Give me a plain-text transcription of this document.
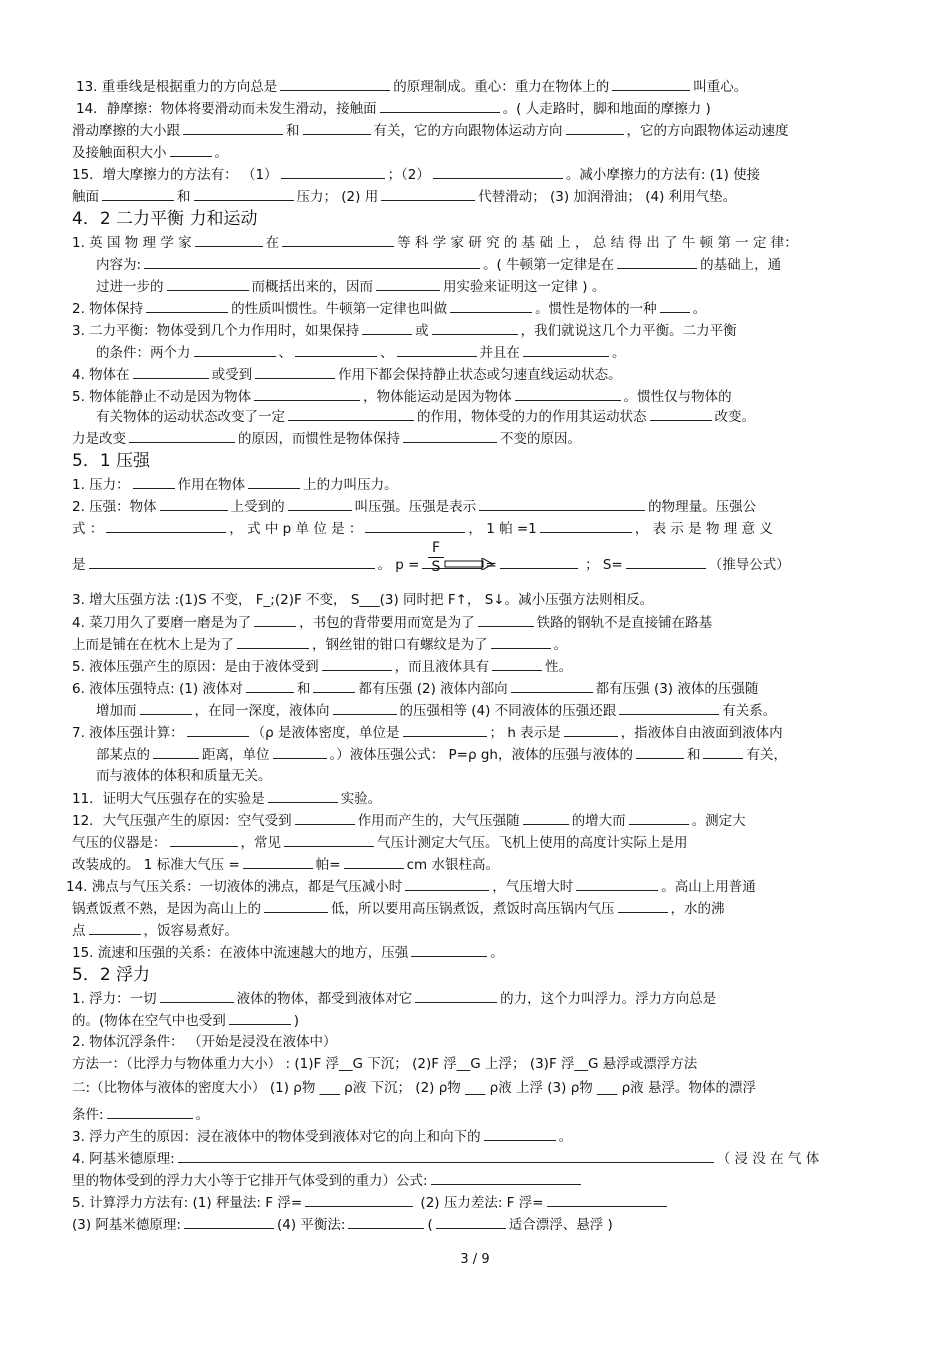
13. 重垂线是根据重力的方向总是	的原理制成。重心：重力在物体上的	叫重心。
14．静摩擦：物体将要滑动而未发生滑动，接触面	。( 人走路时，脚和地面的摩擦力 )
滑动摩擦的大小跟	和	有关，它的方向跟物体运动方向	，它的方向跟物体运动速度
及接触面积大小	。
15．增大摩擦力的方法有： （1）	；（2）	。减小摩擦力的方法有: (1) 使接
触面	和	压力； (2) 用	代替滑动； (3) 加润滑油； (4) 利用气垫。
1. 英 国 物 理 学 家	在	等 科 学 家 研 究 的 基 础 上 ， 总 结 得 出 了 牛 顿 第 一 定 律：
内容为:	。( 牛顿第一定律是在	的基础上，通
过进一步的	而概括出来的，因而	用实验来证明这一定律 ) 。
2. 物体保持	的性质叫惯性。牛顿第一定律也叫做	。惯性是物体的一种	。
3. 二力平衡：物体受到几个力作用时，如果保持	或	，我们就说这几个力平衡。二力平衡
的条件：两个力	、	、	并且在	。
4. 物体在	或受到	作用下都会保持静止状态或匀速直线运动状态。
5. 物体能静止不动是因为物体	，物体能运动是因为物体	。惯性仅与物体的
有关物体的运动状态改变了一定	的作用，物体受的力的作用其运动状态	改变。
力是改变	的原因，而惯性是物体保持	不变的原因。
1. 压力：	作用在物体	上的力叫压力。
2. 压强：物体	上受到的	叫压强。压强是表示	的物理量。压强公
式 ：	， 式 中 p 单 位 是 ：	， 1 帕 =1	， 表 示 是 物 理 意 义
是	。 p =	=	； S=	（推导公式）
3. 增大压强方法 :(1)S 不变， F_;(2)F 不变， S___(3) 同时把 F↑， S↓。减小压强方法则相反。
4. 菜刀用久了要磨一磨是为了	，书包的背带要用而宽是为了	铁路的钢轨不是直接铺在路基
上而是铺在在枕木上是为了	，钢丝钳的钳口有螺纹是为了	。
5. 液体压强产生的原因：是由于液体受到	，而且液体具有	性。
6. 液体压强特点: (1) 液体对	和	都有压强 (2) 液体内部向	都有压强 (3) 液体的压强随
增加而	，在同一深度，液体向	的压强相等 (4) 不同液体的压强还跟	有关系。
7. 液体压强计算：	（ρ 是液体密度，单位是	； h 表示是	，指液体自由液面到液体内
部某点的	距离，单位	。）液体压强公式： P=ρ gh，液体的压强与液体的	和	有关，
而与液体的体积和质量无关。
11．证明大气压强存在的实验是	实验。
12．大气压强产生的原因：空气受到	作用而产生的，大气压强随	的增大而	。测定大
气压的仪器是：	，常见	气压计测定大气压。飞机上使用的高度计实际上是用
改装成的。 1 标准大气压 =	帕=	cm 水银柱高。
14. 沸点与气压关系：一切液体的沸点，都是气压减小时	，气压增大时	。高山上用普通
锅煮饭煮不熟，是因为高山上的	低，所以要用高压锅煮饭，煮饭时高压锅内气压	，水的沸
点	，饭容易煮好。
15. 流速和压强的关系：在液体中流速越大的地方，压强	。
1. 浮力：一切	液体的物体，都受到液体对它	的力，这个力叫浮力。浮力方向总是
的。(物体在空气中也受到	)
2. 物体沉浮条件： （开始是浸没在液体中）
方法一：（比浮力与物体重力大小） : (1)F 浮__G 下沉； (2)F 浮__G 上浮； (3)F 浮__G 悬浮或漂浮方法
二:（比物体与液体的密度大小） (1) ρ物 ___ ρ液 下沉； (2) ρ物 ___ ρ液 上浮 (3) ρ物 ___ ρ液 悬浮。物体的漂浮
条件:	。
3. 浮力产生的原因：浸在液体中的物体受到液体对它的向上和向下的	。
4. 阿基米德原理:	（ 浸 没 在 气 体
里的物体受到的浮力大小等于它排开气体受到的重力）公式:
5. 计算浮力方法有: (1) 秤量法: F 浮=	(2) 压力差法: F 浮=
(3) 阿基米德原理:	(4) 平衡法:	(	适合漂浮、悬浮 )
4．2 二力平衡 力和运动
5．1 压强
5．2 浮力
F
S
3 / 9
